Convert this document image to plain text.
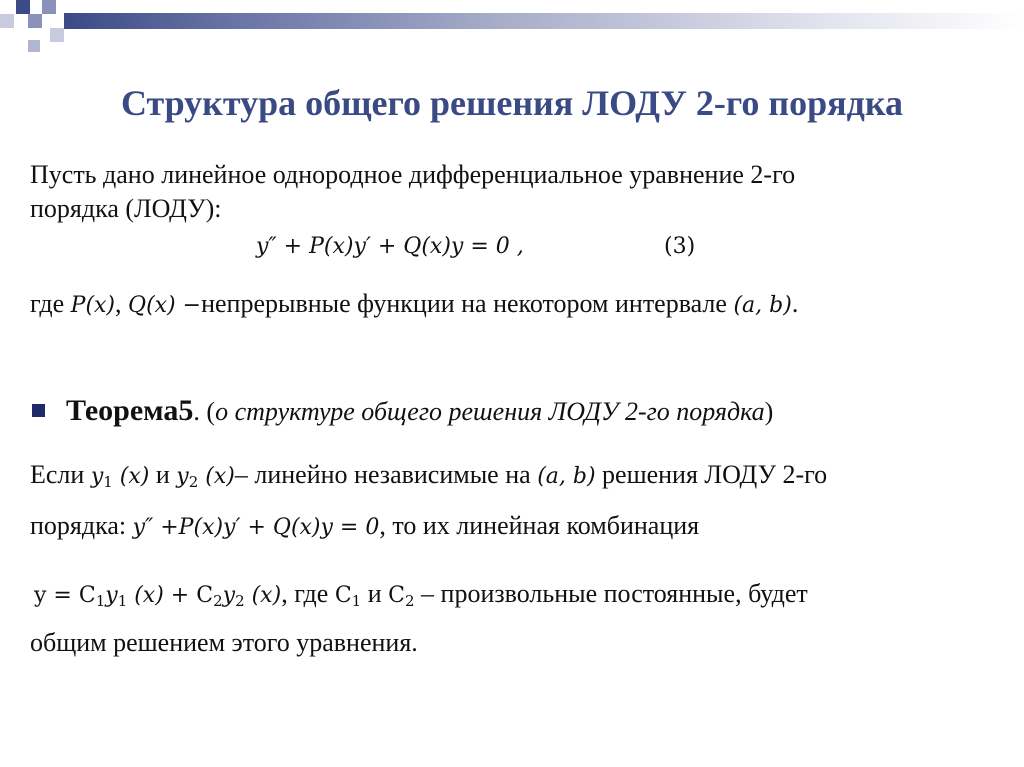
Структура общего решения ЛОДУ 2-го порядка
Пусть дано линейное однородное дифференциальное уравнение 2-го
порядка (ЛОДУ):
y″ + P(x)y′ + Q(x)y = 0 ,	(3)
где P(x), Q(x) −непрерывные функции на некотором интервале (a, b).
Теорема5. (о структуре общего решения ЛОДУ 2-го порядка)
Если $y_1$ (x) и $y_2$ (x)– линейно независимые на (a, b) решения ЛОДУ 2-го
порядка: y″ +P(x)y′ + Q(x)y = 0, то их линейная комбинация
$y = C_1y_1$ $(x) + C_2y_2$ (x), где $C_1$ и $C_2$ – произвольные постоянные, будет
общим решением этого уравнения.
